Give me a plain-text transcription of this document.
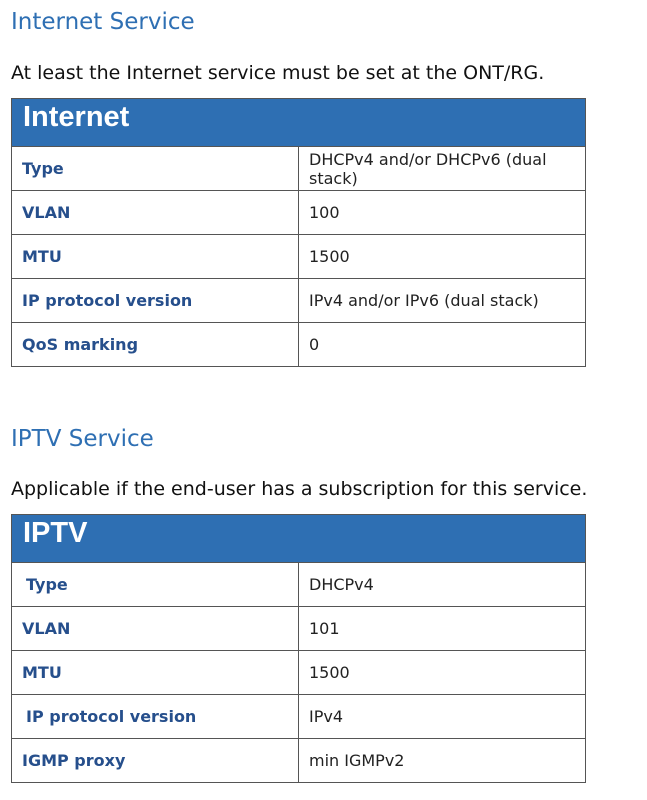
Internet Service

At least the Internet service must be set at the ONT/RG.

Internet	
Type	DHCPv4 and/or DHCPv6 (dual stack)
VLAN	100
MTU	1500
IP protocol version	IPv4 and/or IPv6 (dual stack)
QoS marking	0
IPTV Service

Applicable if the end-user has a subscription for this service.

IPTV	
Type	DHCPv4
VLAN	101
MTU	1500
IP protocol version	IPv4
IGMP proxy	min IGMPv2
